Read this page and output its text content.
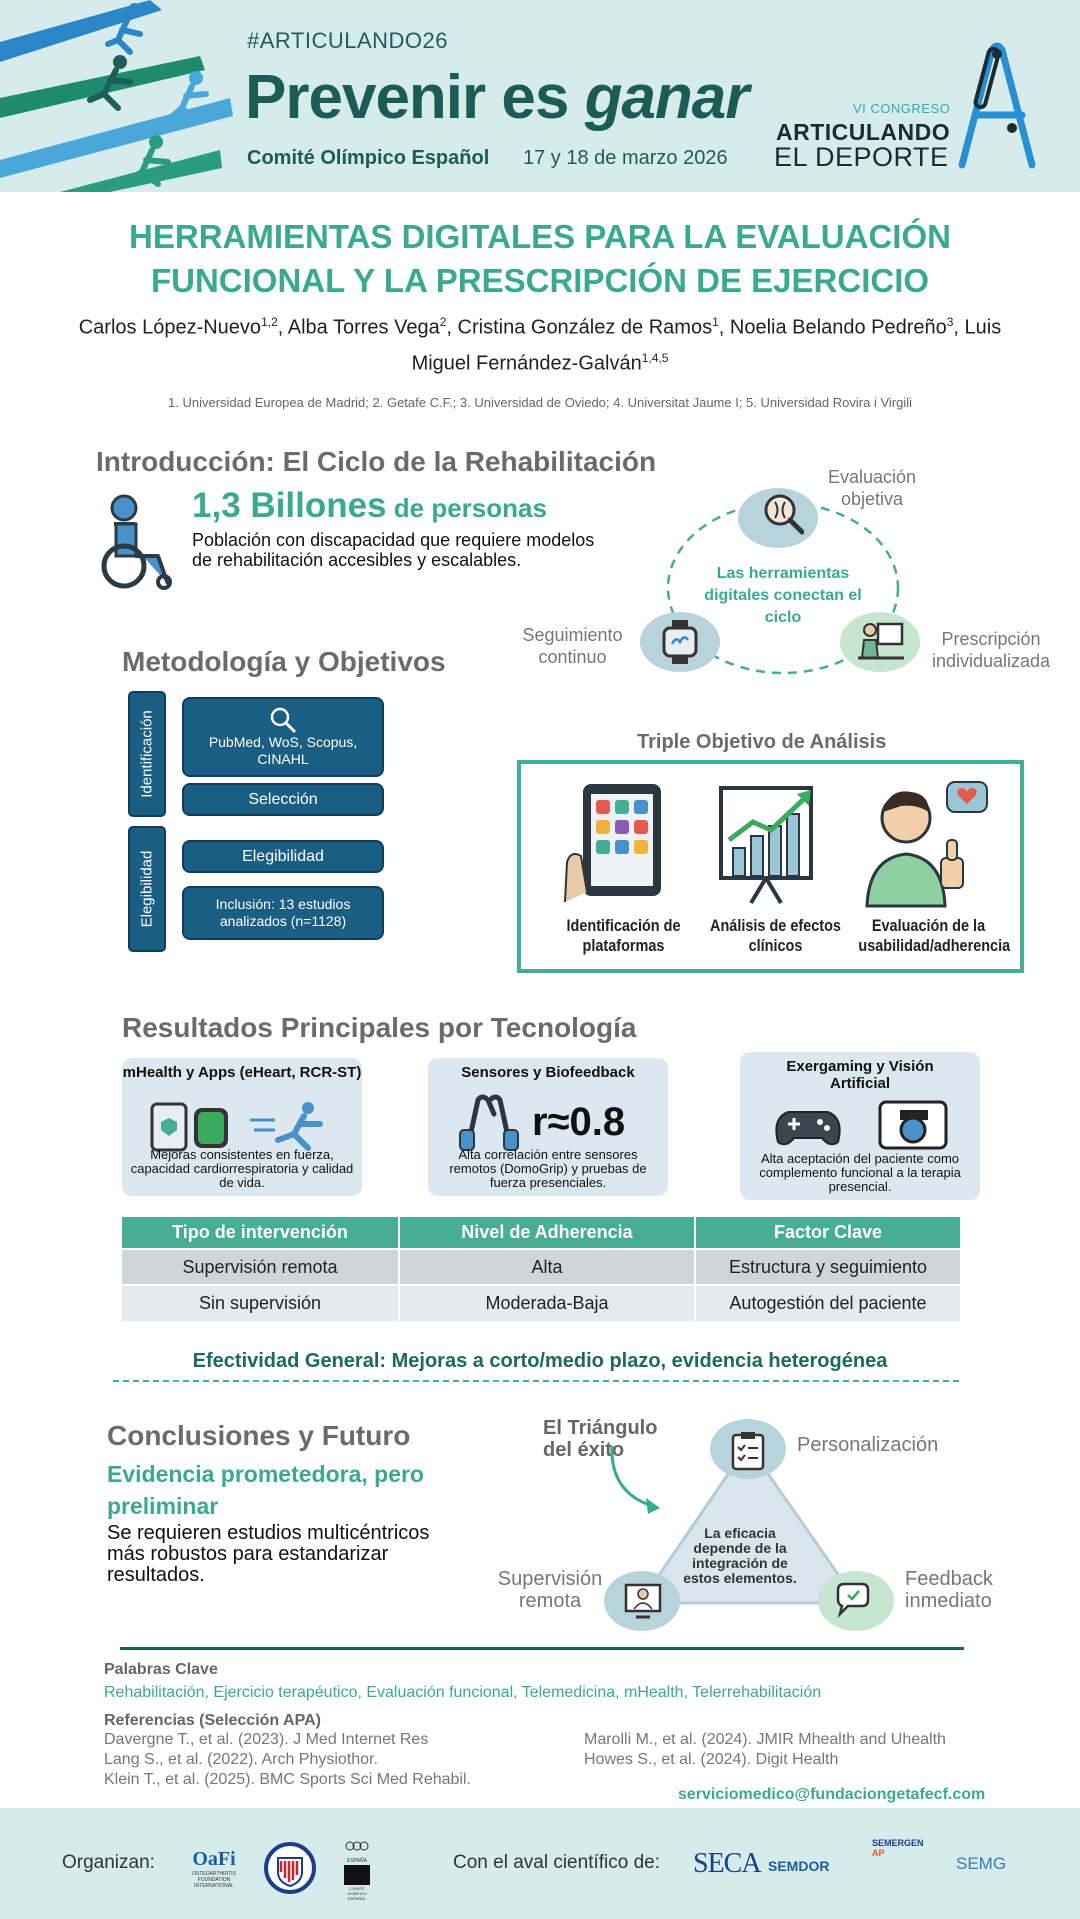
#ARTICULANDO26
Prevenir es ganar
Comité Olímpico Español 17 y 18 de marzo 2026
VI CONGRESO
ARTICULANDO
EL DEPORTE
HERRAMIENTAS DIGITALES PARA LA EVALUACIÓN
FUNCIONAL Y LA PRESCRIPCIÓN DE EJERCICIO
Carlos López-Nuevo$^{1,2}$, Alba Torres Vega$^2$, Cristina González de Ramos$^1$, Noelia Belando Pedreño$^3$, Luis Miguel Fernández-Galván$^{1,4,5}$
1. Universidad Europea de Madrid; 2. Getafe C.F.; 3. Universidad de Oviedo; 4. Universitat Jaume I; 5. Universidad Rovira i Virgili
Introducción: El Ciclo de la Rehabilitación
1,3 Billones de personas
Población con discapacidad que requiere modelos de rehabilitación accesibles y escalables.
Evaluación objetiva
Prescripción individualizada
Seguimiento continuo
Las herramientas digitales conectan el ciclo
Metodología y Objetivos
Identificación
Elegibilidad
PubMed, WoS, Scopus, CINAHL
Selección
Elegibilidad
Inclusión: 13 estudios analizados (n=1128)
Triple Objetivo de Análisis
Identificación de plataformas
Análisis de efectos clínicos
Evaluación de la usabilidad/adherencia
Resultados Principales por Tecnología
mHealth y Apps (eHeart, RCR-ST)
Mejoras consistentes en fuerza, capacidad cardiorrespiratoria y calidad de vida.
Sensores y Biofeedback
r≈0.8
Alta correlación entre sensores remotos (DomoGrip) y pruebas de fuerza presenciales.
Exergaming y Visión Artificial
Alta aceptación del paciente como complemento funcional a la terapia presencial.
Tipo de intervención	Nivel de Adherencia	Factor Clave
Supervisión remota	Alta	Estructura y seguimiento
Sin supervisión	Moderada-Baja	Autogestión del paciente
Efectividad General: Mejoras a corto/medio plazo, evidencia heterogénea
Conclusiones y Futuro
Evidencia prometedora, pero preliminar
Se requieren estudios multicéntricos más robustos para estandarizar resultados.
El Triángulo del éxito	Personalización
Supervisión remota
Feedback inmediato
La eficacia depende de la integración de estos elementos.
Palabras Clave
Rehabilitación, Ejercicio terapéutico, Evaluación funcional, Telemedicina, mHealth, Telerrehabilitación
Referencias (Selección APA)
Davergne T., et al. (2023). J Med Internet Res
Lang S., et al. (2022). Arch Physiothor.
Klein T., et al. (2025). BMC Sports Sci Med Rehabil.
Marolli M., et al. (2024). JMIR Mhealth and Uhealth
Howes S., et al. (2024). Digit Health
serviciomedico@fundaciongetafecf.com
Organizan:	OaFi
OSTEOARTHRITIS FOUNDATION INTERNATIONAL
ESPAÑA
COMITÉ OLÍMPICO ESPAÑOL
Con el aval científico de: SECA SEMDOR
SEMERGEN
AP
SEMG
